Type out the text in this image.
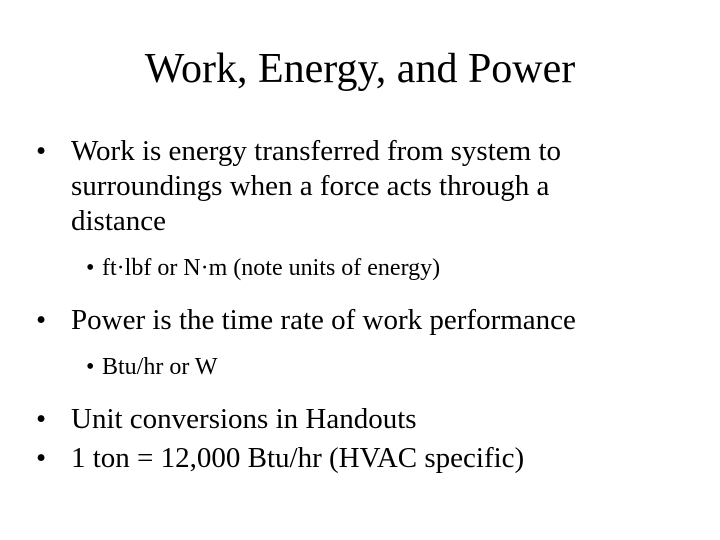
Work, Energy, and Power
• Work is energy transferred from system to
surroundings when a force acts through a
distance
• ft·lbf or N·m (note units of energy)
• Power is the time rate of work performance
• Btu/hr or W
• Unit conversions in Handouts
• 1 ton = 12,000 Btu/hr (HVAC specific)
